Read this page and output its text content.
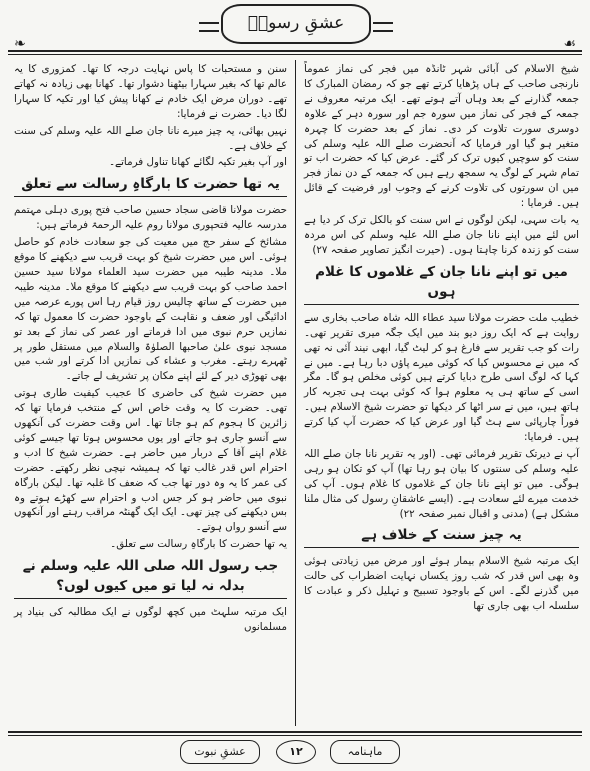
❧	☙
عشقِ رسولؐ

شیخ الاسلام کی آبائی شہر ٹانڈہ میں فجر کی نماز عموماً نارنجی صاحب کے ہاں پڑھایا کرتے تھے جو کہ رمضان المبارک کا جمعہ گذارنے کے بعد وہاں آتے ہوتے تھے۔ ایک مرتبہ معروف نے جمعہ کے فجر کی نماز میں سورہ جم اور سورہ دہر کے علاوہ دوسری سورت تلاوت کر دی۔ نماز کے بعد حضرت کا چہرہ متغیر ہو گیا اور فرمایا کہ آنحضرت صلے اللہ علیہ وسلم کی سنت کو سوچیں کیوں ترک کر گئے۔ عرض کیا کہ حضرت اب تو تمام شہر کے لوگ یہ سمجھ رہے ہیں کہ جمعہ کے دن نماز فجر میں ان سورتوں کی تلاوت کرنے کے وجوب اور فرضیت کے قائل ہیں۔ فرمایا :

یہ بات سہی، لیکن لوگوں نے اس سنت کو بالکل ترک کر دیا ہے اس لئے میں اپنے نانا جان صلے اللہ علیہ وسلم کی اس مردہ سنت کو زندہ کرنا چاہتا ہوں۔ (حیرت انگیز تصاویر صفحہ ۲۷)

میں تو اپنے نانا جان کے غلاموں کا غلام ہوں

خطیب ملت حضرت مولانا سید عطاء اللہ شاہ صاحب بخاری سے روایت ہے کہ ایک روز دیو بند میں ایک جگہ میری تقریر تھی۔ رات کو جب تقریر سے فارغ ہو کر لیٹ گیا، ابھی نیند آئی نہ تھی کہ میں نے محسوس کیا کہ کوئی میرے پاؤں دبا رہا ہے۔ میں نے کہا کہ لوگ اسی طرح دبایا کرتے ہیں کوئی مخلص ہو گا۔ مگر اسی کے ساتھ ہی یہ معلوم ہوا کہ کوئی بہت ہی تجربہ کار ہاتھ ہیں، میں نے سر اٹھا کر دیکھا تو حضرت شیخ الاسلام ہیں۔ فوراً چارپائی سے ہٹ گیا اور عرض کیا کہ حضرت آپ کیا کرتے ہیں۔ فرمایا:

آپ نے دیرتک تقریر فرمائی تھی۔ (اور یہ تقریر نانا جان صلے اللہ علیہ وسلم کی سنتوں کا بیان ہو رہا تھا) آپ کو تکان ہو رہی ہوگی۔ میں تو اپنے نانا جان کے غلاموں کا غلام ہوں۔ آپ کی خدمت میرے لئے سعادت ہے۔ (ایسے عاشقانِ رسول کی مثال ملنا مشکل ہے) (مدنی و اقبال نمبر صفحہ ۲۲)

یہ چیز سنت کے خلاف ہے

ایک مرتبہ شیخ الاسلام بیمار ہوئے اور مرض میں زیادتی ہوئی وہ بھی اس قدر کہ شب روز یکساں نہایت اضطراب کی حالت میں گذرنے لگے۔ اس کے باوجود تسبیح و تہلیل ذکر و عبادت کا سلسلہ اب بھی جاری تھا

سنن و مستحبات کا پاس نہایت درجہ کا تھا۔ کمزوری کا یہ عالم تھا کہ بغیر سہارا بیٹھنا دشوار تھا۔ کھانا بھی زیادہ نہ کھاتے تھے۔ دوران مرض ایک خادم نے کھانا پیش کیا اور تکیہ کا سہارا لگا دیا۔ حضرت نے فرمایا:

نہیں بھائی، یہ چیز میرے نانا جان صلے اللہ علیہ وسلم کی سنت کے خلاف ہے۔

اور آپ بغیر تکیہ لگائے کھانا تناول فرماتے۔

یہ تھا حضرت کا بارگاہِ رسالت سے تعلق

حضرت مولانا قاضی سجاد حسین صاحب فتح پوری دہلی مہتمم مدرسہ عالیہ فتحپوری مولانا روم علیہ الرحمۃ فرماتے ہیں:

مشائخ کے سفر حج میں معیت کی جو سعادت خادم کو حاصل ہوئی۔ اس میں حضرت شیخ کو بہت قریب سے دیکھنے کا موقع ملا۔ مدینہ طیبہ میں حضرت سید العلماء مولانا سید حسین احمد صاحب کو بہت قریب سے دیکھنے کا موقع ملا۔ مدینہ طیبہ میں حضرت کے ساتھ چالیس روز قیام رہا اس پورے عرصہ میں ادائیگی اور ضعف و نقاہت کے باوجود حضرت کا معمول تھا کہ نمازیں حرم نبوی میں ادا فرماتے اور عصر کی نماز کے بعد تو مسجد نبوی علیٰ صاحبھا الصلوٰۃ والسلام میں مستقل طور پر ٹھہرے رہتے۔ مغرب و عشاء کی نمازیں ادا کرتے اور شب میں بھی تھوڑی دیر کے لئے اپنے مکان پر تشریف لے جاتے۔

میں حضرت شیخ کی حاضری کا عجیب کیفیت طاری ہوتی تھی۔ حضرت کا یہ وقت خاص اس کے منتخب فرمایا تھا کہ زائرین کا ہجوم کم ہو جاتا تھا۔ اس وقت حضرت کی آنکھوں سے آنسو جاری ہو جاتے اور یوں محسوس ہوتا تھا جیسے کوئی غلام اپنے آقا کے دربار میں حاضر ہے۔ حضرت شیخ کا ادب و احترام اس قدر غالب تھا کہ ہمیشہ نیچی نظر رکھتے۔ حضرت کی عمر کا یہ وہ دور تھا جب کہ ضعف کا غلبہ تھا۔ لیکن بارگاہ نبوی میں حاضر ہو کر جس ادب و احترام سے کھڑے ہوتے وہ بس دیکھنے کی چیز تھی۔ ایک ایک گھنٹہ مراقب رہتے اور آنکھوں سے آنسو رواں ہوتے۔

یہ تھا حضرت کا بارگاہِ رسالت سے تعلق۔

جب رسول اللہ صلی اللہ علیہ وسلم نے بدلہ نہ لیا تو میں کیوں لوں؟

ایک مرتبہ سلہٹ میں کچھ لوگوں نے ایک مطالبہ کی بنیاد پر مسلمانوں

عشقِ نبوت	۱۲	ماہنامہ
